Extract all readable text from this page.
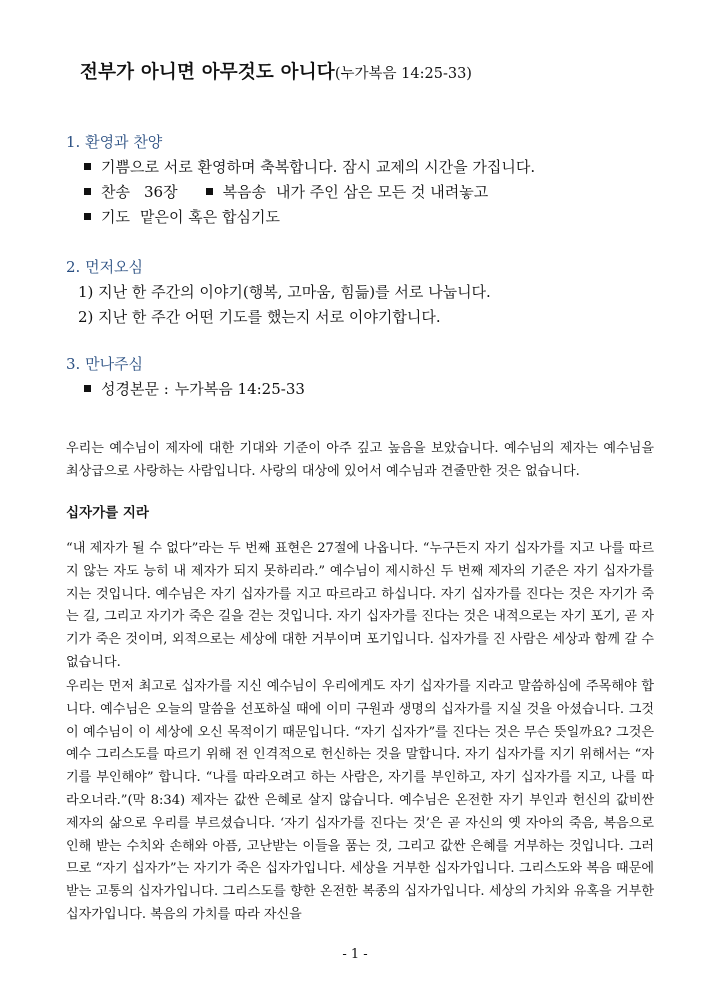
전부가 아니면 아무것도 아니다(누가복음 14:25-33)
1. 환영과 찬양
기쁨으로 서로 환영하며 축복합니다. 잠시 교제의 시간을 가집니다.
찬송 36장	복음송 내가 주인 삼은 모든 것 내려놓고
기도 맡은이 혹은 합심기도
2. 먼저오심
1) 지난 한 주간의 이야기(행복, 고마움, 힘듦)를 서로 나눕니다.
2) 지난 한 주간 어떤 기도를 했는지 서로 이야기합니다.
3. 만나주심
성경본문 : 누가복음 14:25-33

우리는 예수님이 제자에 대한 기대와 기준이 아주 깊고 높음을 보았습니다. 예수님의 제자는 예수님을 최상급으로 사랑하는 사람입니다. 사랑의 대상에 있어서 예수님과 견줄만한 것은 없습니다.

십자가를 지라

“내 제자가 될 수 없다”라는 두 번째 표현은 27절에 나옵니다. “누구든지 자기 십자가를 지고 나를 따르지 않는 자도 능히 내 제자가 되지 못하리라.” 예수님이 제시하신 두 번째 제자의 기준은 자기 십자가를 지는 것입니다. 예수님은 자기 십자가를 지고 따르라고 하십니다. 자기 십자가를 진다는 것은 자기가 죽는 길, 그리고 자기가 죽은 길을 걷는 것입니다. 자기 십자가를 진다는 것은 내적으로는 자기 포기, 곧 자기가 죽은 것이며, 외적으로는 세상에 대한 거부이며 포기입니다. 십자가를 진 사람은 세상과 함께 갈 수 없습니다.

우리는 먼저 최고로 십자가를 지신 예수님이 우리에게도 자기 십자가를 지라고 말씀하심에 주목해야 합니다. 예수님은 오늘의 말씀을 선포하실 때에 이미 구원과 생명의 십자가를 지실 것을 아셨습니다. 그것이 예수님이 이 세상에 오신 목적이기 때문입니다. “자기 십자가”를 진다는 것은 무슨 뜻일까요? 그것은 예수 그리스도를 따르기 위해 전 인격적으로 헌신하는 것을 말합니다. 자기 십자가를 지기 위해서는 “자기를 부인해야” 합니다. “나를 따라오려고 하는 사람은, 자기를 부인하고, 자기 십자가를 지고, 나를 따라오너라.”(막 8:34) 제자는 값싼 은혜로 살지 않습니다. 예수님은 온전한 자기 부인과 헌신의 값비싼 제자의 삶으로 우리를 부르셨습니다. ‘자기 십자가를 진다는 것’은 곧 자신의 옛 자아의 죽음, 복음으로 인해 받는 수치와 손해와 아픔, 고난받는 이들을 품는 것, 그리고 값싼 은혜를 거부하는 것입니다. 그러므로 “자기 십자가”는 자기가 죽은 십자가입니다. 세상을 거부한 십자가입니다. 그리스도와 복음 때문에 받는 고통의 십자가입니다. 그리스도를 향한 온전한 복종의 십자가입니다. 세상의 가치와 유혹을 거부한 십자가입니다. 복음의 가치를 따라 자신을

- 1 -
